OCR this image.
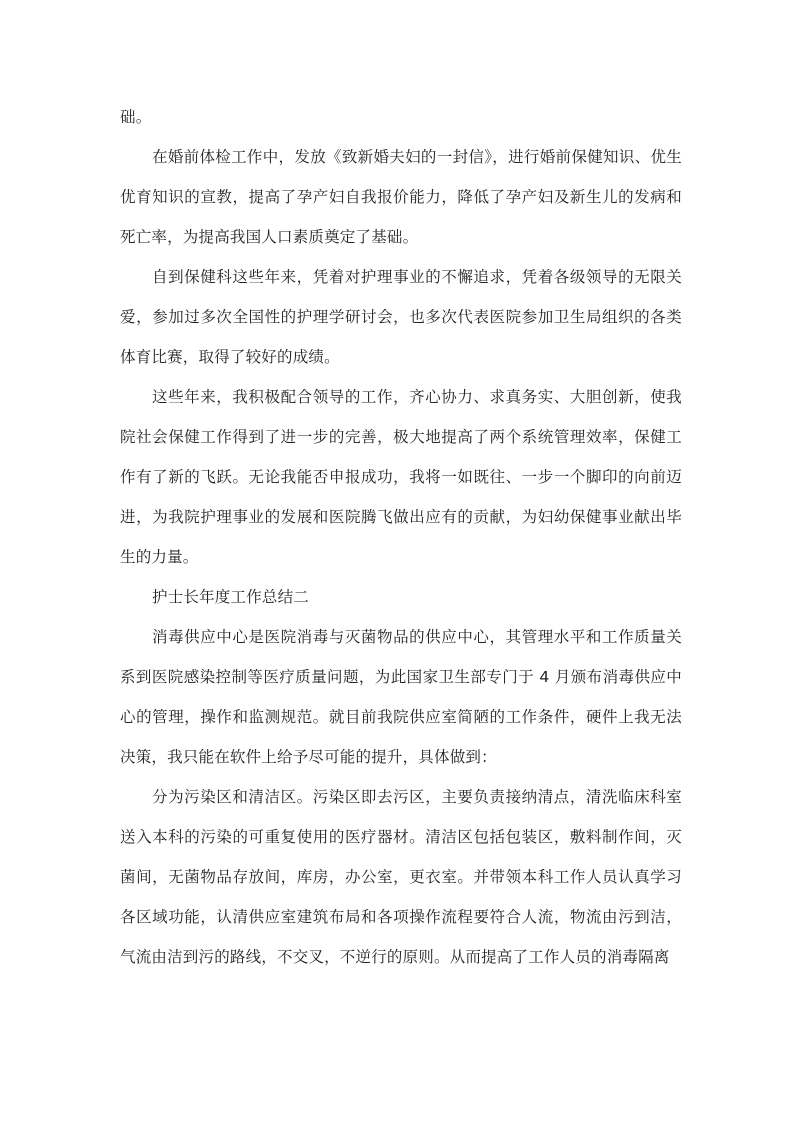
础。

在婚前体检工作中，发放《致新婚夫妇的一封信》，进行婚前保健知识、优生优育知识的宣教，提高了孕产妇自我报价能力，降低了孕产妇及新生儿的发病和死亡率，为提高我国人口素质奠定了基础。

自到保健科这些年来，凭着对护理事业的不懈追求，凭着各级领导的无限关爱，参加过多次全国性的护理学研讨会，也多次代表医院参加卫生局组织的各类体育比赛，取得了较好的成绩。

这些年来，我积极配合领导的工作，齐心协力、求真务实、大胆创新，使我院社会保健工作得到了进一步的完善，极大地提高了两个系统管理效率，保健工作有了新的飞跃。无论我能否申报成功，我将一如既往、一步一个脚印的向前迈进，为我院护理事业的发展和医院腾飞做出应有的贡献，为妇幼保健事业献出毕生的力量。

护士长年度工作总结二

消毒供应中心是医院消毒与灭菌物品的供应中心，其管理水平和工作质量关系到医院感染控制等医疗质量问题，为此国家卫生部专门于 4 月颁布消毒供应中心的管理，操作和监测规范。就目前我院供应室简陋的工作条件，硬件上我无法决策，我只能在软件上给予尽可能的提升，具体做到：

分为污染区和清洁区。污染区即去污区，主要负责接纳清点，清洗临床科室送入本科的污染的可重复使用的医疗器材。清洁区包括包装区，敷料制作间，灭菌间，无菌物品存放间，库房，办公室，更衣室。并带领本科工作人员认真学习各区域功能，认清供应室建筑布局和各项操作流程要符合人流，物流由污到洁，气流由洁到污的路线，不交叉，不逆行的原则。从而提高了工作人员的消毒隔离
